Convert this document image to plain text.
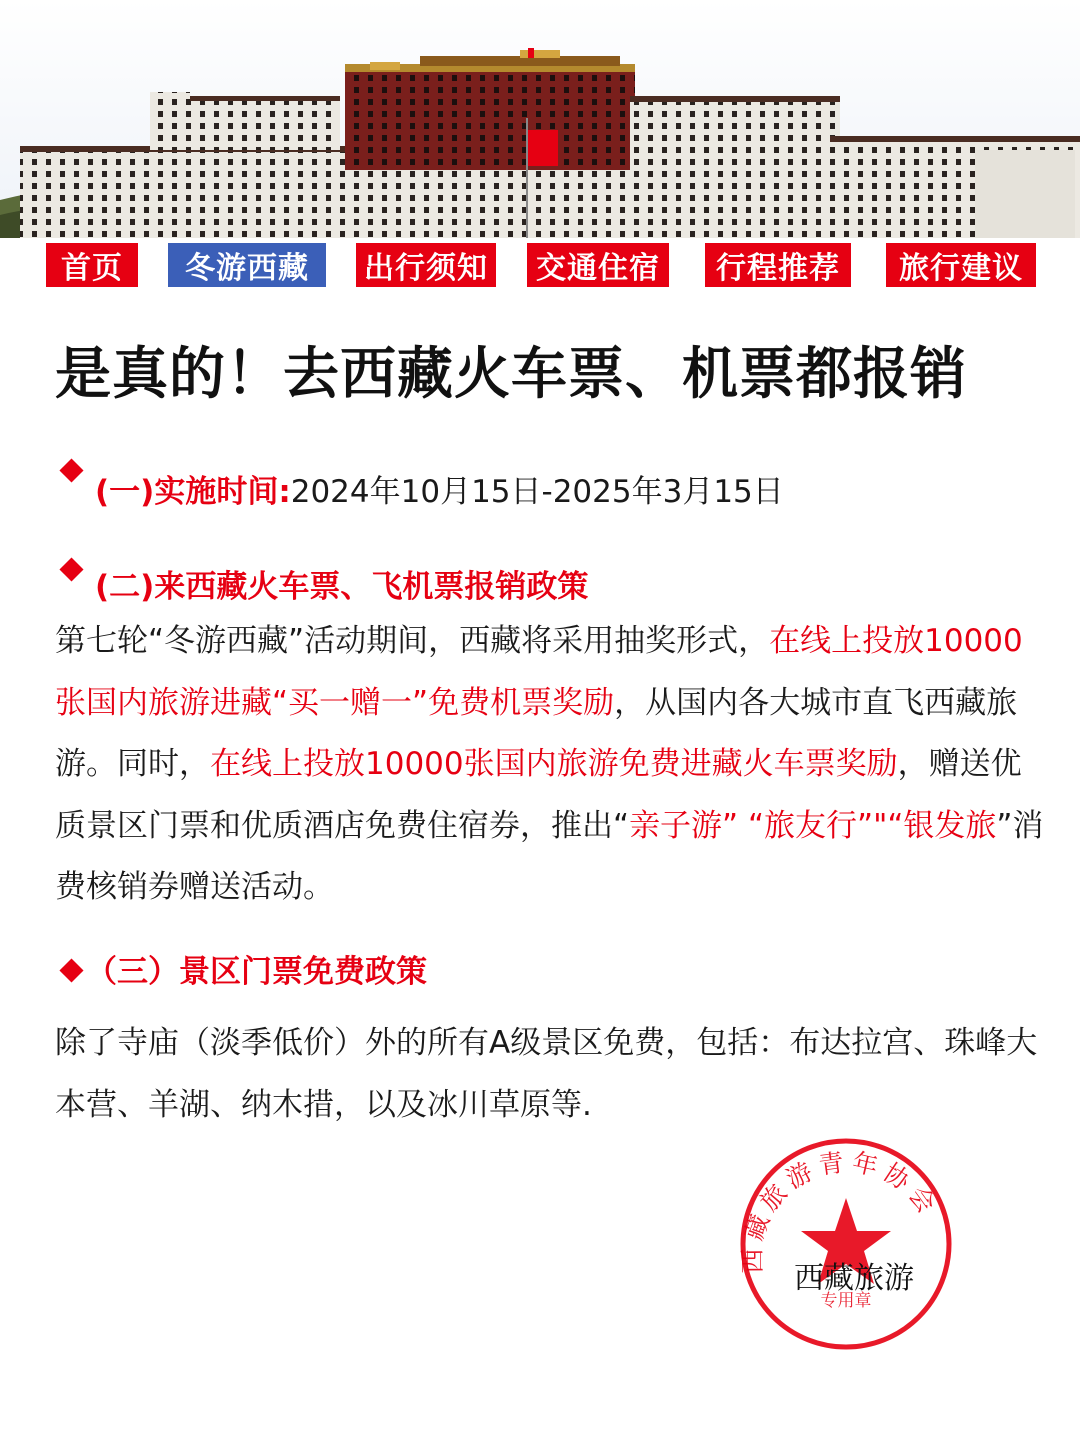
首页	冬游西藏	出行须知	交通住宿	行程推荐	旅行建议
是真的！去西藏火车票、机票都报销
(一)实施时间:2024年10月15日-2025年3月15日
(二)来西藏火车票、飞机票报销政策
第七轮“冬游西藏”活动期间，西藏将采用抽奖形式，在线上投放10000张国内旅游进藏“买一赠一”免费机票奖励，从国内各大城市直飞西藏旅游。同时，在线上投放10000张国内旅游免费进藏火车票奖励，赠送优质景区门票和优质酒店免费住宿券，推出“亲子游” “旅友行”"“银发旅”消费核销券赠送活动。
（三）景区门票免费政策
除了寺庙（淡季低价）外的所有A级景区免费，包括：布达拉宫、珠峰大本营、羊湖、纳木措，以及冰川草原等.
西藏旅游青年协会
专用章
西藏旅游
